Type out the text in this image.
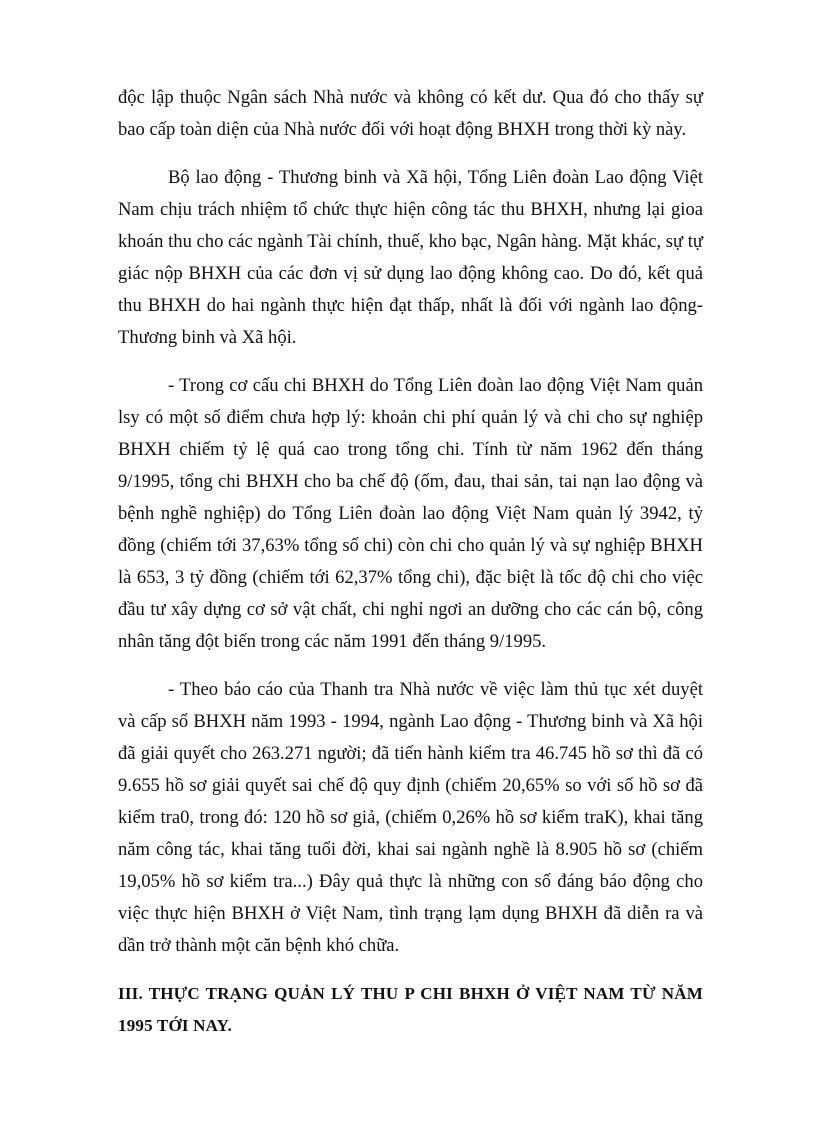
độc lập thuộc Ngân sách Nhà nước và không có kết dư. Qua đó cho thấy sự bao cấp toàn diện của Nhà nước đối với hoạt động BHXH trong thời kỳ này.

Bộ lao động - Thương binh và Xã hội, Tổng Liên đoàn Lao động Việt Nam chịu trách nhiệm tổ chức thực hiện công tác thu BHXH, nhưng lại gioa khoán thu cho các ngành Tài chính, thuế, kho bạc, Ngân hàng. Mặt khác, sự tự giác nộp BHXH của các đơn vị sử dụng lao động không cao. Do đó, kết quả thu BHXH do hai ngành thực hiện đạt thấp, nhất là đối với ngành lao động-Thương binh và Xã hội.

- Trong cơ cấu chi BHXH do Tổng Liên đoàn lao động Việt Nam quản lsy có một số điểm chưa hợp lý: khoản chi phí quản lý và chi cho sự nghiệp BHXH chiếm tỷ lệ quá cao trong tổng chi. Tính từ năm 1962 đến tháng 9/1995, tổng chi BHXH cho ba chế độ (ốm, đau, thai sản, tai nạn lao động và bệnh nghề nghiệp) do Tổng Liên đoàn lao động Việt Nam quản lý 3942, tỷ đồng (chiếm tới 37,63% tổng số chi) còn chi cho quản lý và sự nghiệp BHXH là 653, 3 tỷ đồng (chiếm tới 62,37% tổng chi), đặc biệt là tốc độ chi cho việc đầu tư xây dựng cơ sở vật chất, chi nghỉ ngơi an dưỡng cho các cán bộ, công nhân tăng đột biến trong các năm 1991 đến tháng 9/1995.

- Theo báo cáo của Thanh tra Nhà nước về việc làm thủ tục xét duyệt và cấp sổ BHXH năm 1993 - 1994, ngành Lao động - Thương binh và Xã hội đã giải quyết cho 263.271 người; đã tiến hành kiểm tra 46.745 hồ sơ thì đã có 9.655 hồ sơ giải quyết sai chế độ quy định (chiếm 20,65% so với số hồ sơ đã kiểm tra0, trong đó: 120 hồ sơ giả, (chiếm 0,26% hồ sơ kiểm traK), khai tăng năm công tác, khai tăng tuổi đời, khai sai ngành nghề là 8.905 hồ sơ (chiếm 19,05% hồ sơ kiểm tra...) Đây quả thực là những con số đáng báo động cho việc thực hiện BHXH ở Việt Nam, tình trạng lạm dụng BHXH đã diễn ra và dần trở thành một căn bệnh khó chữa.

III. THỰC TRẠNG QUẢN LÝ THU P CHI BHXH Ở VIỆT NAM TỪ NĂM 1995 TỚI NAY.
